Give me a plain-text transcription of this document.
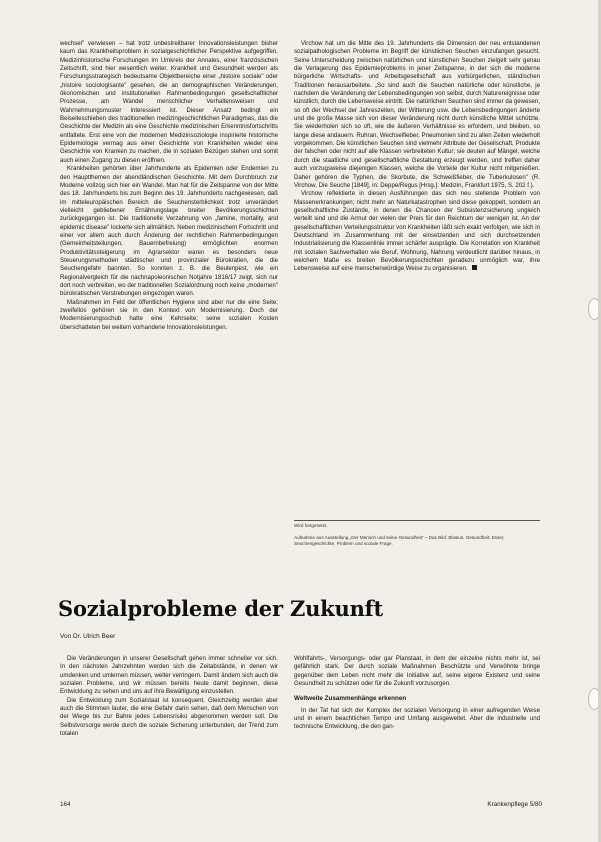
wechsel" verwiesen – hat trotz unbestreitbarer Innovationsleistungen bisher kaum das Krankheitsproblem in sozialgeschichtlicher Perspektive aufgegriffen. Medizinhistorische Forschungen im Umkreis der Annales, einer französischen Zeitschrift, sind hier wesentlich weiter. Krankheit und Gesundheit werden als Forschungsstrategisch bedeutsame Objektbereiche einer „histoire sociale" oder „histoire sociologisante" gesehen, die an demographischen Veränderungen, ökonomischen und institutionellen Rahmenbedingungen gesellschaftlicher Prozesse, am Wandel menschlicher Verhaltensweisen und Wahrnehmungsmuster interessiert ist. Dieser Ansatz bedingt ein Beiseiteschieben des traditionellen medizingeschichtlichen Paradigmas, das die Geschichte der Medizin als eine Geschichte medizinischen Erkenntnisfortschritts entfaltete. Erst eine von der modernen Medizinsoziologie inspirierte historische Epidemiologie vermag aus einer Geschichte von Krankheiten wieder eine Geschichte von Kranken zu machen, die in sozialen Bezügen stehen und somit auch einen Zugang zu diesen eröffnen.

Krankheiten gehörten über Jahrhunderte als Epidemien oder Endemien zu den Hauptthemen der abendländischen Geschichte. Mit dem Durchbruch zur Moderne vollzog sich hier ein Wandel. Man hat für die Zeitspanne von der Mitte des 18. Jahrhunderts bis zum Beginn des 19. Jahrhunderts nachgewiesen, daß im mitteleuropäischen Bereich die Seuchensterblichkeit trotz unverändert vielleicht gebliebener Ernährungslage breiter Bevölkerungsschichten zurückgegangen ist. Die traditionelle Verzahnung von „famine, mortality, and epidemic disease" lockerte sich allmählich. Neben medizinischem Fortschritt und einer vor allem auch durch Änderung der rechtlichen Rahmenbedingungen (Gemeinheitsteilungen, Bauernbefreiung) ermöglichten enormen Produktivitätssteigerung im Agrarsektor waren es besonders neue Steuerungsmethoden städtischer und provinzialer Bürokratien, die die Seuchengefahr bannten. So konnten z. B. die Beulenpest, wie ein Regionalvergleich für die nachnapoleonischen Notjahre 1816/17 zeigt, sich nur dort noch verbreiten, wo der traditionellen Sozialordnung noch keine „modernen" bürokratischen Verstrebungen eingezogen waren.

Maßnahmen im Feld der öffentlichen Hygiene sind aber nur die eine Seite; zweifellos gehören sie in den Kontext von Modernisierung. Doch der Modernisierungsschub hatte eine Kehrseite; seine sozialen Kosten überschatteten bei weitem vorhandene Innovationsleistungen.

Virchow hat um die Mitte des 19. Jahrhunderts die Dimension der neu entstandenen sozialpathologischen Probleme im Begriff der künstlichen Seuchen einzufangen gesucht. Seine Unterscheidung zwischen natürlichen und künstlichen Seuchen zielgelt sehr genau die Verlagerung des Epidemieproblems in jener Zeitspanne, in der sich die moderne bürgerliche Wirtschafts- und Arbeitsgesellschaft aus vorbürgerlichen, ständischen Traditionen herausarbeitete. „So sind auch die Seuchen natürliche oder künstliche, je nachdem die Veränderung der Lebensbedingungen von selbst, durch Naturereignisse oder künstlich, durch die Lebensweise eintritt. Die natürlichen Seuchen sind immer da gewesen, so oft der Wechsel der Jahreszeiten, der Witterung usw. die Lebensbedingungen änderte und die große Masse sich von dieser Veränderung nicht durch künstliche Mittel schützte. Sie wiederholen sich so oft, wie die äußeren Verhältnisse es erfordern, und bleiben, so lange diese andauern. Ruhran, Wechselfieber, Pneumonien sind zu allen Zeiten wiederholt vorgekommen. Die künstlichen Seuchen sind vielmehr Attribute der Gesellschaft, Produkte der falschen oder nicht auf alle Klassen verbreiteten Kultur; sie deuten auf Mängel, welche durch die staatliche und gesellschaftliche Gestaltung erzeugt werden, und treffen daher auch vorzugsweise diejenigen Klassen, welche die Vorteile der Kultur nicht mitgenießen. Daher gehören die Typhen, die Skorbute, die Schweißfieber, die Tuberkulosen" (R. Virchow, Die Seuche [1849], in: Deppe/Regus [Hrsg.]: Medizin, Frankfurt 1975, S. 202 f.).

Virchow reflektierte in diesen Ausführungen das sich neu stellende Problem von Massenerkrankungen; nicht mehr an Naturkatastrophen sind diese gekoppelt, sondern an gesellschaftliche Zustände, in denen die Chancen der Subsistenzsicherung ungleich verteilt sind und die Armut der vielen der Preis für den Reichtum der wenigen ist. An der gesellschaftlichen Verteilungsstruktur von Krankheiten läßt sich exakt verfolgen, wie sich in Deutschland im Zusammenhang mit der einsetzenden und sich durchsetzenden Industrialisierung die Klassenlinie immer schärfer ausprägte. Die Korrelation von Krankheit mit sozialen Sachverhalten wie Beruf, Wohnung, Nahrung verdeutlicht darüber hinaus, in welchem Maße es breiten Bevölkerungsschichten geradezu unmöglich war, ihre Lebensweise auf eine menschenwürdige Weise zu organisieren.

Wird fortgesetzt.
Aufnahme aus Ausstellung „Der Mensch und seine Gesundheit" – Das Bild: Blasius, Gesundheit: Esser, Seuchengeschichte, Problem und soziale Frage.
Sozialprobleme der Zukunft
Von Dr. Ulrich Beer

Die Veränderungen in unserer Gesellschaft gehen immer schneller vor sich. In den nächsten Jahrzehnten werden sich die Zeitabstände, in denen wir umdenken und umlernen müssen, weiter verringern. Damit ändern sich auch die sozialen Probleme, und wir müssen bereits heute damit beginnen, diese Entwicklung zu sehen und uns auf ihre Bewältigung einzustellen.

Die Entwicklung zum Sozialstaat ist konsequent. Gleichzeitig werden aber auch die Stimmen lauter, die eine Gefahr darin sehen, daß dem Menschen von der Wiege bis zur Bahre jedes Lebensrisiko abgenommen werden soll. Die Selbstvorsorge werde durch die soziale Sicherung unterbunden, der Trend zum totalen

Wohlfahrts-, Versorgungs- oder gar Planstaat, in dem der einzelne nichts mehr ist, sei gefährlich stark. Der durch soziale Maßnahmen Beschützte und Verwöhnte bringe gegenüber dem Leben nicht mehr die Initiative auf, seine eigene Existenz und seine Gesundheit zu schützen oder für die Zukunft vorzusorgen.

Weltweite Zusammenhänge erkennen

In der Tat hat sich der Komplex der sozialen Versorgung in einer aufregenden Weise und in einem beachtlichen Tempo und Umfang ausgeweitet. Aber die industrielle und technische Entwicklung, die den gan-

164	Krankenpflege 5/80
